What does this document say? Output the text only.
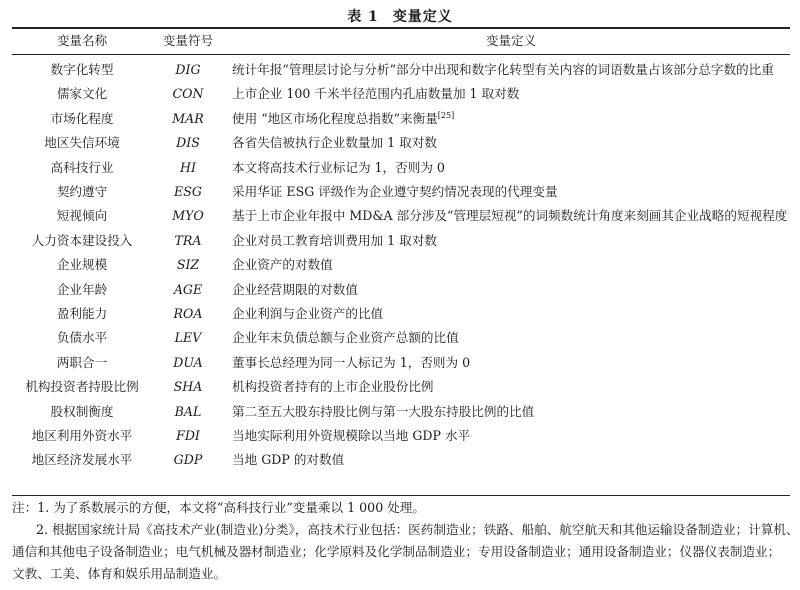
表 1 变量定义
变量名称	变量符号	变量定义
数字化转型	DIG	统计年报“管理层讨论与分析”部分中出现和数字化转型有关内容的词语数量占该部分总字数的比重
儒家文化	CON	上市企业 100 千米半径范围内孔庙数量加 1 取对数
市场化程度	MAR	使用 “地区市场化程度总指数”来衡量[25]
地区失信环境	DIS	各省失信被执行企业数量加 1 取对数
高科技行业	HI	本文将高技术行业标记为 1，否则为 0
契约遵守	ESG	采用华证 ESG 评级作为企业遵守契约情况表现的代理变量
短视倾向	MYO	基于上市企业年报中 MD&A 部分涉及“管理层短视”的词频数统计角度来刻画其企业战略的短视程度
人力资本建设投入	TRA	企业对员工教育培训费用加 1 取对数
企业规模	SIZ	企业资产的对数值
企业年龄	AGE	企业经营期限的对数值
盈利能力	ROA	企业利润与企业资产的比值
负债水平	LEV	企业年末负债总额与企业资产总额的比值
两职合一	DUA	董事长总经理为同一人标记为 1，否则为 0
机构投资者持股比例	SHA	机构投资者持有的上市企业股份比例
股权制衡度	BAL	第二至五大股东持股比例与第一大股东持股比例的比值
地区利用外资水平	FDI	当地实际利用外资规模除以当地 GDP 水平
地区经济发展水平	GDP	当地 GDP 的对数值
注：1. 为了系数展示的方便，本文将“高科技行业”变量乘以 1 000 处理。
2. 根据国家统计局《高技术产业(制造业)分类》，高技术行业包括：医药制造业；铁路、船舶、航空航天和其他运输设备制造业；计算机、
通信和其他电子设备制造业；电气机械及器材制造业；化学原料及化学制品制造业；专用设备制造业；通用设备制造业；仪器仪表制造业；
文教、工美、体育和娱乐用品制造业。
